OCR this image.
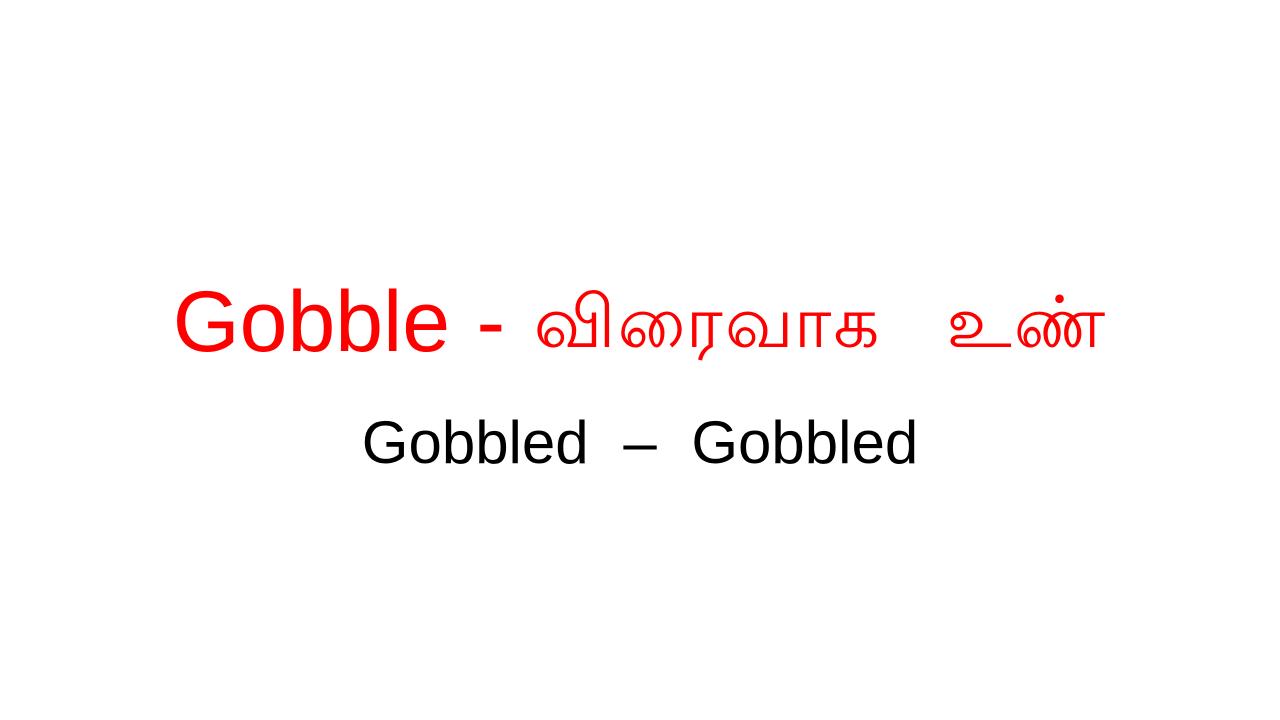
Gobble - விரைவாக உண்
Gobbled – Gobbled
